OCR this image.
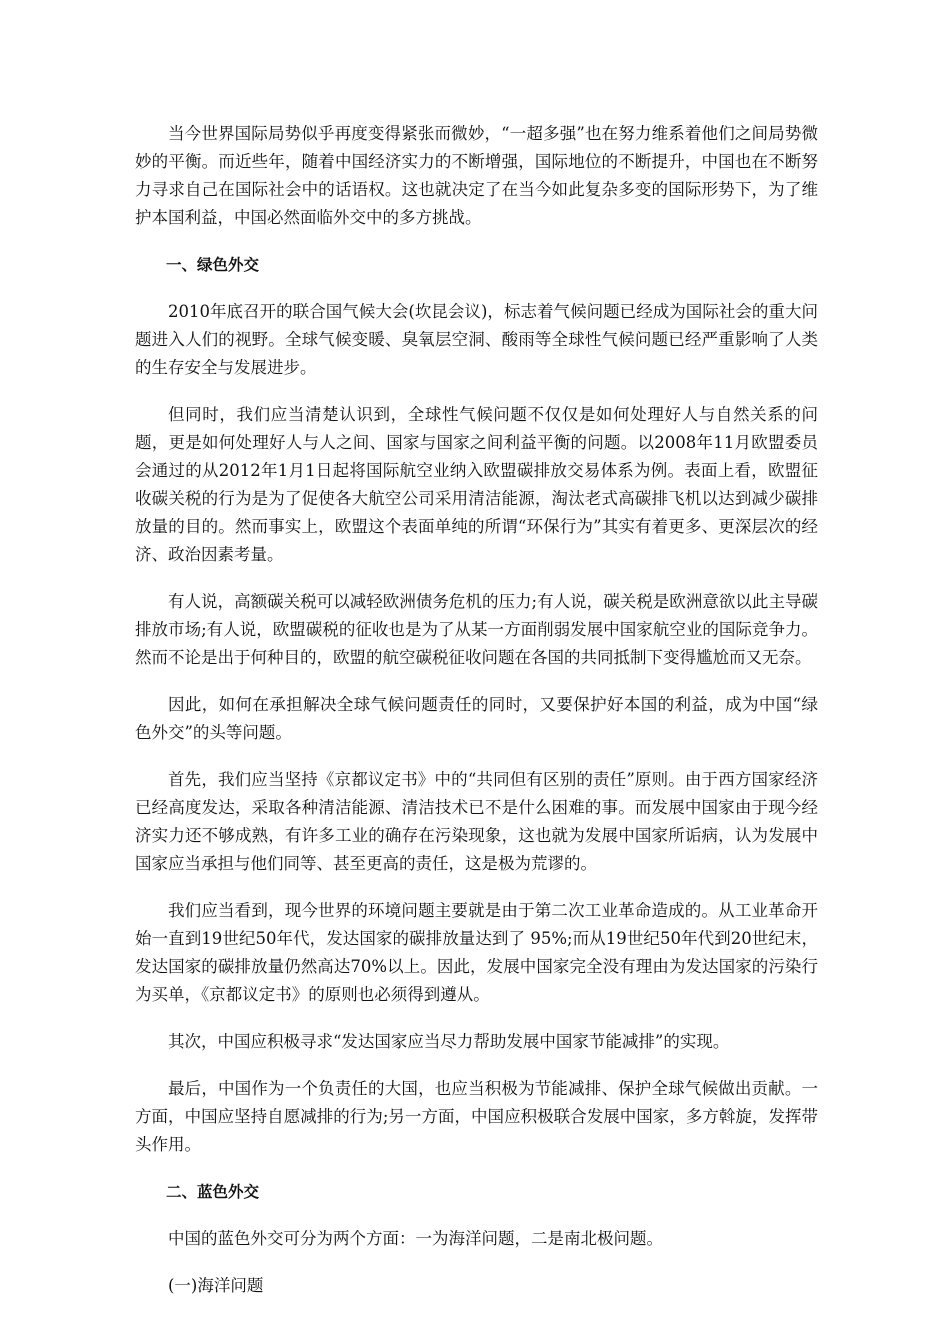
当今世界国际局势似乎再度变得紧张而微妙，“一超多强”也在努力维系着他们之间局势微妙的平衡。而近些年，随着中国经济实力的不断增强，国际地位的不断提升，中国也在不断努力寻求自己在国际社会中的话语权。这也就决定了在当今如此复杂多变的国际形势下，为了维护本国利益，中国必然面临外交中的多方挑战。

一、绿色外交

2010年底召开的联合国气候大会(坎昆会议)，标志着气候问题已经成为国际社会的重大问题进入人们的视野。全球气候变暖、臭氧层空洞、酸雨等全球性气候问题已经严重影响了人类的生存安全与发展进步。

但同时，我们应当清楚认识到，全球性气候问题不仅仅是如何处理好人与自然关系的问题，更是如何处理好人与人之间、国家与国家之间利益平衡的问题。以2008年11月欧盟委员会通过的从2012年1月1日起将国际航空业纳入欧盟碳排放交易体系为例。表面上看，欧盟征收碳关税的行为是为了促使各大航空公司采用清洁能源，淘汰老式高碳排飞机以达到减少碳排放量的目的。然而事实上，欧盟这个表面单纯的所谓“环保行为”其实有着更多、更深层次的经济、政治因素考量。

有人说，高额碳关税可以减轻欧洲债务危机的压力;有人说，碳关税是欧洲意欲以此主导碳排放市场;有人说，欧盟碳税的征收也是为了从某一方面削弱发展中国家航空业的国际竞争力。然而不论是出于何种目的，欧盟的航空碳税征收问题在各国的共同抵制下变得尴尬而又无奈。

因此，如何在承担解决全球气候问题责任的同时，又要保护好本国的利益，成为中国“绿色外交”的头等问题。

首先，我们应当坚持《京都议定书》中的“共同但有区别的责任”原则。由于西方国家经济已经高度发达，采取各种清洁能源、清洁技术已不是什么困难的事。而发展中国家由于现今经济实力还不够成熟，有许多工业的确存在污染现象，这也就为发展中国家所诟病，认为发展中国家应当承担与他们同等、甚至更高的责任，这是极为荒谬的。

我们应当看到，现今世界的环境问题主要就是由于第二次工业革命造成的。从工业革命开始一直到19世纪50年代，发达国家的碳排放量达到了 95%;而从19世纪50年代到20世纪末，发达国家的碳排放量仍然高达70%以上。因此，发展中国家完全没有理由为发达国家的污染行为买单，《京都议定书》的原则也必须得到遵从。

其次，中国应积极寻求“发达国家应当尽力帮助发展中国家节能减排”的实现。

最后，中国作为一个负责任的大国，也应当积极为节能减排、保护全球气候做出贡献。一方面，中国应坚持自愿减排的行为;另一方面，中国应积极联合发展中国家，多方斡旋，发挥带头作用。

二、蓝色外交

中国的蓝色外交可分为两个方面：一为海洋问题，二是南北极问题。

(一)海洋问题
